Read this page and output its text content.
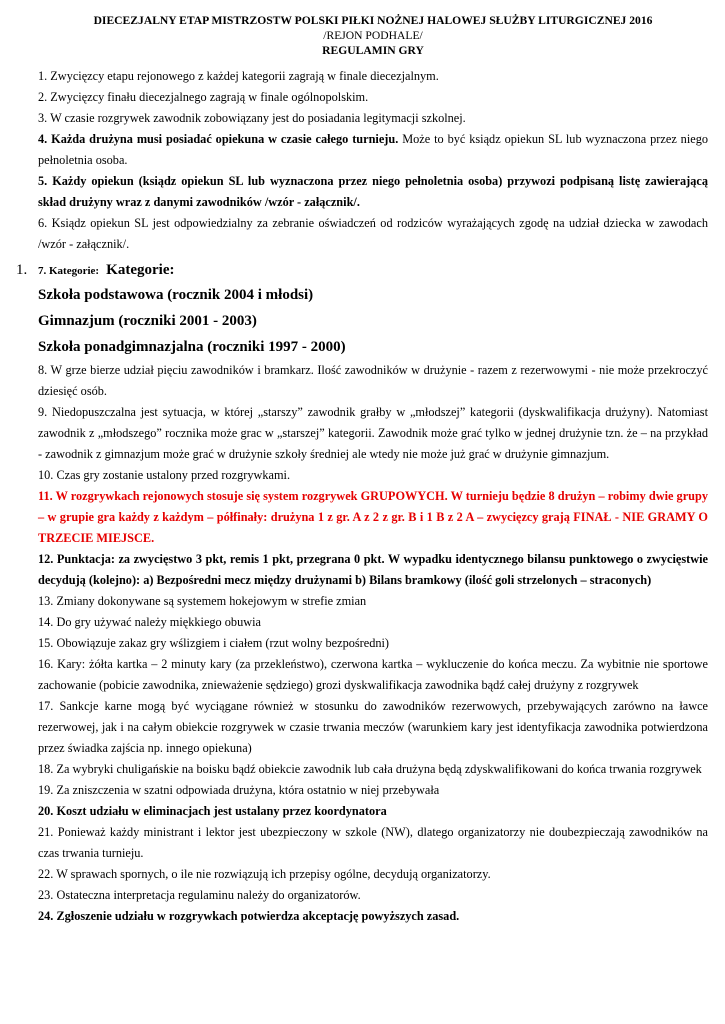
DIECEZJALNY ETAP MISTRZOSTW POLSKI PIŁKI NOŻNEJ HALOWEJ SŁUŻBY LITURGICZNEJ 2016
/REJON PODHALE/
REGULAMIN GRY

1. Zwycięzcy etapu rejonowego z każdej kategorii zagrają w finale diecezjalnym.

2. Zwycięzcy finału diecezjalnego zagrają w finale ogólnopolskim.

3. W czasie rozgrywek zawodnik zobowiązany jest do posiadania legitymacji szkolnej.

4. Każda drużyna musi posiadać opiekuna w czasie całego turnieju. Może to być ksiądz opiekun SL lub wyznaczona przez niego pełnoletnia osoba.

5. Każdy opiekun (ksiądz opiekun SL lub wyznaczona przez niego pełnoletnia osoba) przywozi podpisaną listę zawierającą skład drużyny wraz z danymi zawodników /wzór - załącznik/.

6. Ksiądz opiekun SL jest odpowiedzialny za zebranie oświadczeń od rodziców wyrażających zgodę na udział dziecka w zawodach /wzór - załącznik/.

1. 7. Kategorie: Kategorie:

Szkoła podstawowa (rocznik 2004 i młodsi)

Gimnazjum (roczniki 2001 - 2003)

Szkoła ponadgimnazjalna (roczniki 1997 - 2000)

8. W grze bierze udział pięciu zawodników i bramkarz. Ilość zawodników w drużynie - razem z rezerwowymi - nie może przekroczyć dziesięć osób.

9. Niedopuszczalna jest sytuacja, w której „starszy” zawodnik grałby w „młodszej” kategorii (dyskwalifikacja drużyny). Natomiast zawodnik z „młodszego” rocznika może grac w „starszej” kategorii. Zawodnik może grać tylko w jednej drużynie tzn. że – na przykład - zawodnik z gimnazjum może grać w drużynie szkoły średniej ale wtedy nie może już grać w drużynie gimnazjum.

10. Czas gry zostanie ustalony przed rozgrywkami.

11. W rozgrywkach rejonowych stosuje się system rozgrywek GRUPOWYCH. W turnieju będzie 8 drużyn – robimy dwie grupy – w grupie gra każdy z każdym – półfinały: drużyna 1 z gr. A z 2 z gr. B i 1 B z 2 A – zwycięzcy grają FINAŁ - NIE GRAMY O TRZECIE MIEJSCE.

12. Punktacja: za zwycięstwo 3 pkt, remis 1 pkt, przegrana 0 pkt. W wypadku identycznego bilansu punktowego o zwycięstwie decydują (kolejno): a) Bezpośredni mecz między drużynami b) Bilans bramkowy (ilość goli strzelonych – straconych)

13. Zmiany dokonywane są systemem hokejowym w strefie zmian

14. Do gry używać należy miękkiego obuwia

15. Obowiązuje zakaz gry wślizgiem i ciałem (rzut wolny bezpośredni)

16. Kary: żółta kartka – 2 minuty kary (za przekleństwo), czerwona kartka – wykluczenie do końca meczu. Za wybitnie nie sportowe zachowanie (pobicie zawodnika, znieważenie sędziego) grozi dyskwalifikacja zawodnika bądź całej drużyny z rozgrywek

17. Sankcje karne mogą być wyciągane również w stosunku do zawodników rezerwowych, przebywających zarówno na ławce rezerwowej, jak i na całym obiekcie rozgrywek w czasie trwania meczów (warunkiem kary jest identyfikacja zawodnika potwierdzona przez świadka zajścia np. innego opiekuna)

18. Za wybryki chuligańskie na boisku bądź obiekcie zawodnik lub cała drużyna będą zdyskwalifikowani do końca trwania rozgrywek

19. Za zniszczenia w szatni odpowiada drużyna, która ostatnio w niej przebywała

20. Koszt udziału w eliminacjach jest ustalany przez koordynatora

21. Ponieważ każdy ministrant i lektor jest ubezpieczony w szkole (NW), dlatego organizatorzy nie doubezpieczają zawodników na czas trwania turnieju.

22. W sprawach spornych, o ile nie rozwiązują ich przepisy ogólne, decydują organizatorzy.

23. Ostateczna interpretacja regulaminu należy do organizatorów.

24. Zgłoszenie udziału w rozgrywkach potwierdza akceptację powyższych zasad.
